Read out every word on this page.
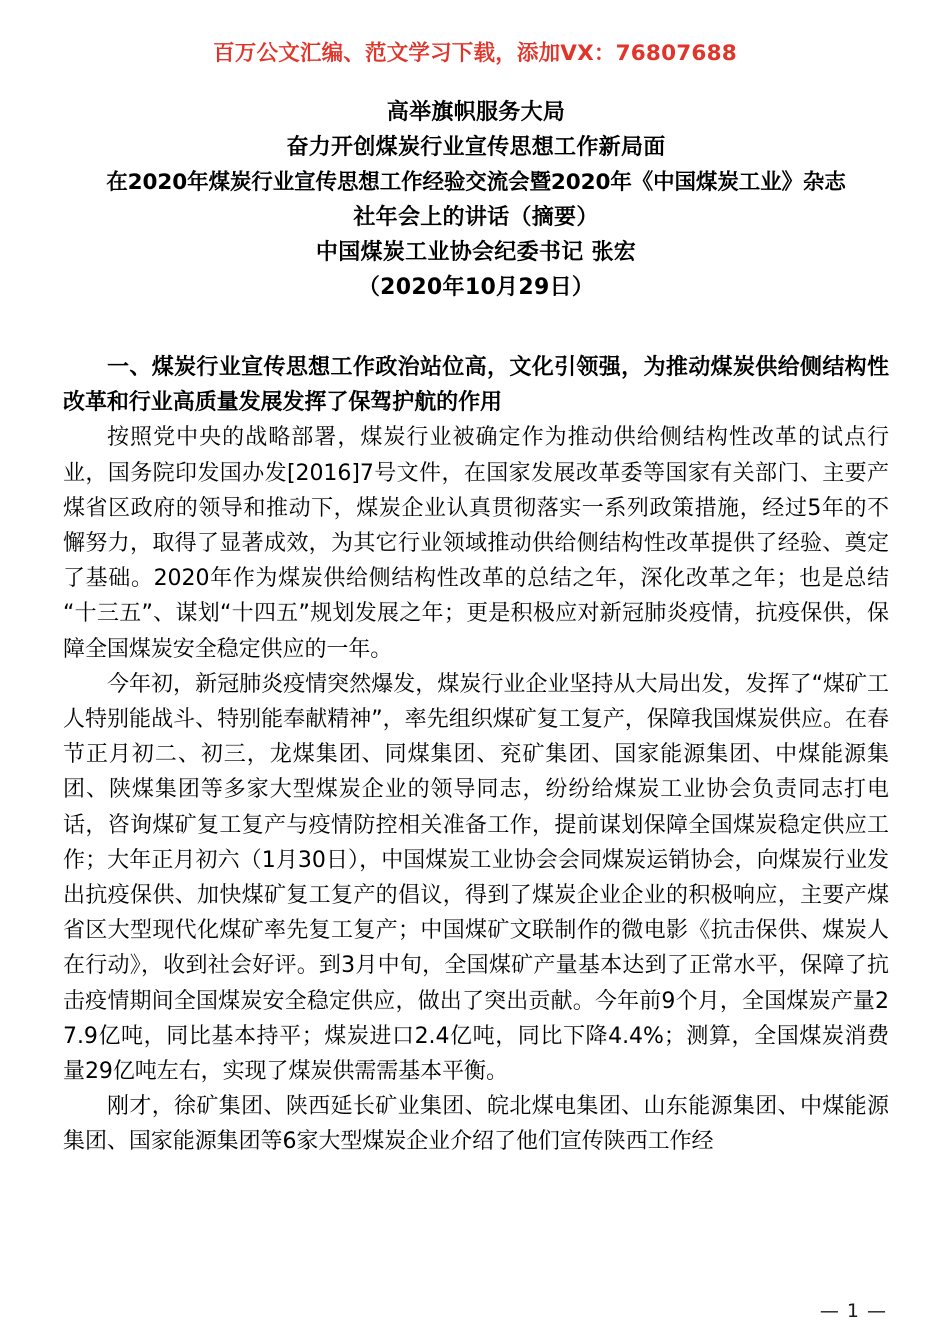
百万公文汇编、范文学习下载，添加VX：76807688
高举旗帜服务大局
奋力开创煤炭行业宣传思想工作新局面
在2020年煤炭行业宣传思想工作经验交流会暨2020年《中国煤炭工业》杂志
社年会上的讲话（摘要）
中国煤炭工业协会纪委书记 张宏
（2020年10月29日）

一、煤炭行业宣传思想工作政治站位高，文化引领强，为推动煤炭供给侧结构性改革和行业高质量发展发挥了保驾护航的作用

按照党中央的战略部署，煤炭行业被确定作为推动供给侧结构性改革的试点行业，国务院印发国办发[2016]7号文件，在国家发展改革委等国家有关部门、主要产煤省区政府的领导和推动下，煤炭企业认真贯彻落实一系列政策措施，经过5年的不懈努力，取得了显著成效，为其它行业领域推动供给侧结构性改革提供了经验、奠定了基础。2020年作为煤炭供给侧结构性改革的总结之年，深化改革之年；也是总结“十三五”、谋划“十四五”规划发展之年；更是积极应对新冠肺炎疫情，抗疫保供，保障全国煤炭安全稳定供应的一年。

今年初，新冠肺炎疫情突然爆发，煤炭行业企业坚持从大局出发，发挥了“煤矿工人特别能战斗、特别能奉献精神”，率先组织煤矿复工复产，保障我国煤炭供应。在春节正月初二、初三，龙煤集团、同煤集团、兖矿集团、国家能源集团、中煤能源集团、陕煤集团等多家大型煤炭企业的领导同志，纷纷给煤炭工业协会负责同志打电话，咨询煤矿复工复产与疫情防控相关准备工作，提前谋划保障全国煤炭稳定供应工作；大年正月初六（1月30日），中国煤炭工业协会会同煤炭运销协会，向煤炭行业发出抗疫保供、加快煤矿复工复产的倡议，得到了煤炭企业企业的积极响应，主要产煤省区大型现代化煤矿率先复工复产；中国煤矿文联制作的微电影《抗击保供、煤炭人在行动》，收到社会好评。到3月中旬，全国煤矿产量基本达到了正常水平，保障了抗击疫情期间全国煤炭安全稳定供应，做出了突出贡献。今年前9个月，全国煤炭产量27.9亿吨，同比基本持平；煤炭进口2.4亿吨，同比下降4.4%；测算，全国煤炭消费量29亿吨左右，实现了煤炭供需需基本平衡。

刚才，徐矿集团、陕西延长矿业集团、皖北煤电集团、山东能源集团、中煤能源集团、国家能源集团等6家大型煤炭企业介绍了他们宣传陕西工作经

— 1 —
